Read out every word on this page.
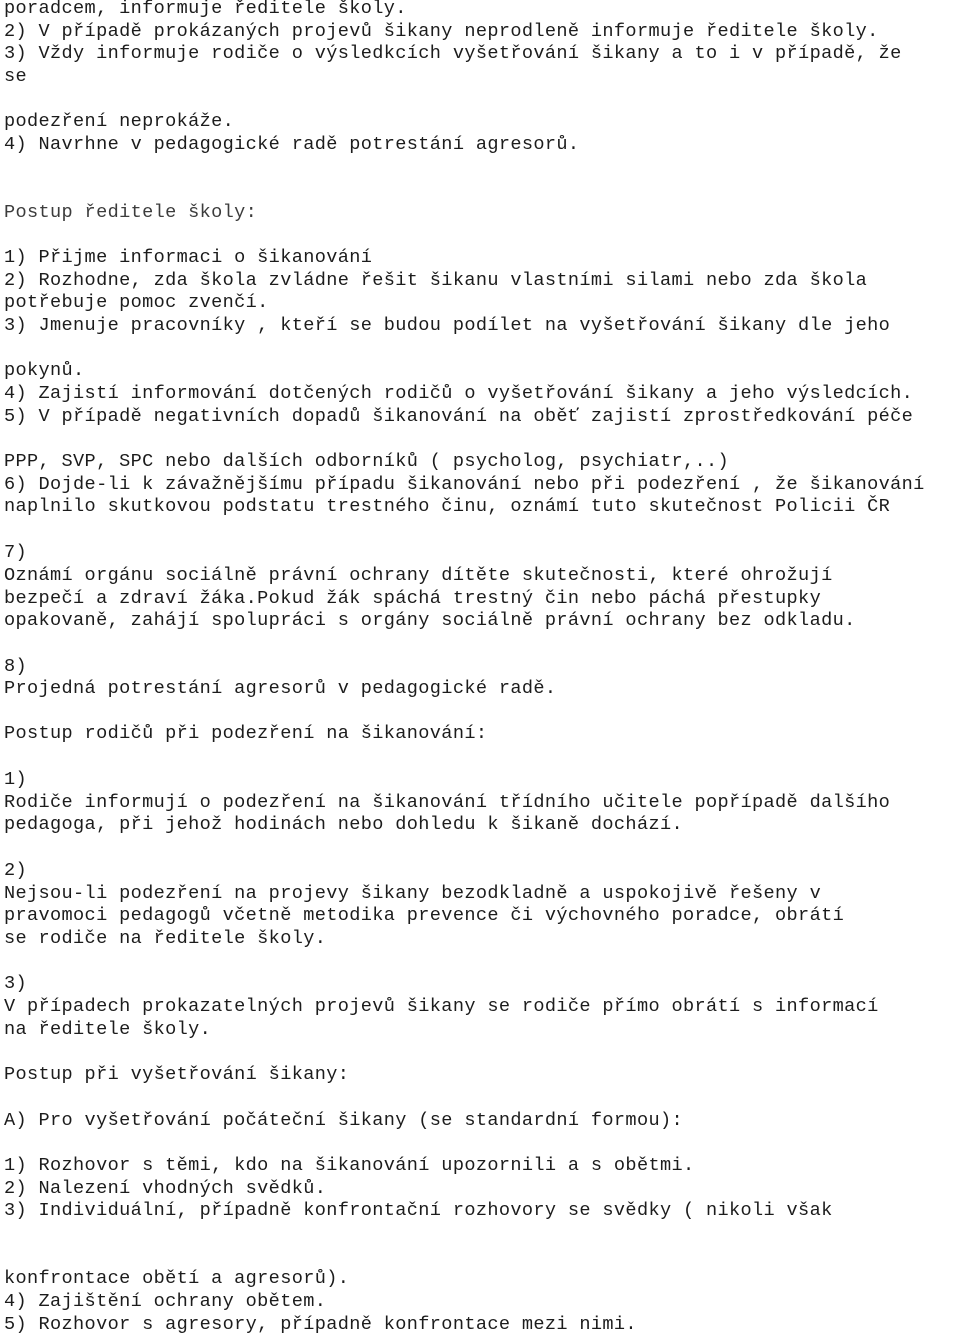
poradcem, informuje ředitele školy.
2) V případě prokázaných projevů šikany neprodleně informuje ředitele školy.
3) Vždy informuje rodiče o výsledkcích vyšetřování šikany a to i v případě, že
se
podezření neprokáže.
4) Navrhne v pedagogické radě potrestání agresorů.
Postup ředitele školy:
1) Přijme informaci o šikanování
2) Rozhodne, zda škola zvládne řešit šikanu vlastními silami nebo zda škola
potřebuje pomoc zvenčí.
3) Jmenuje pracovníky , kteří se budou podílet na vyšetřování šikany dle jeho
pokynů.
4) Zajistí informování dotčených rodičů o vyšetřování šikany a jeho výsledcích.
5) V případě negativních dopadů šikanování na oběť zajistí zprostředkování péče
PPP, SVP, SPC nebo dalších odborníků ( psycholog, psychiatr,..)
6) Dojde-li k závažnějšímu případu šikanování nebo při podezření , že šikanování
naplnilo skutkovou podstatu trestného činu, oznámí tuto skutečnost Policii ČR
7)
Oznámí orgánu sociálně právní ochrany dítěte skutečnosti, které ohrožují
bezpečí a zdraví žáka.Pokud žák spáchá trestný čin nebo páchá přestupky
opakovaně, zahájí spolupráci s orgány sociálně právní ochrany bez odkladu.
8)
Projedná potrestání agresorů v pedagogické radě.
Postup rodičů při podezření na šikanování:
1)
Rodiče informují o podezření na šikanování třídního učitele popřípadě dalšího
pedagoga, při jehož hodinách nebo dohledu k šikaně dochází.
2)
Nejsou-li podezření na projevy šikany bezodkladně a uspokojivě řešeny v
pravomoci pedagogů včetně metodika prevence či výchovného poradce, obrátí
se rodiče na ředitele školy.
3)
V případech prokazatelných projevů šikany se rodiče přímo obrátí s informací
na ředitele školy.
Postup při vyšetřování šikany:
A) Pro vyšetřování počáteční šikany (se standardní formou):
1) Rozhovor s těmi, kdo na šikanování upozornili a s obětmi.
2) Nalezení vhodných svědků.
3) Individuální, případně konfrontační rozhovory se svědky ( nikoli však
konfrontace obětí a agresorů).
4) Zajištění ochrany obětem.
5) Rozhovor s agresory, případně konfrontace mezi nimi.
